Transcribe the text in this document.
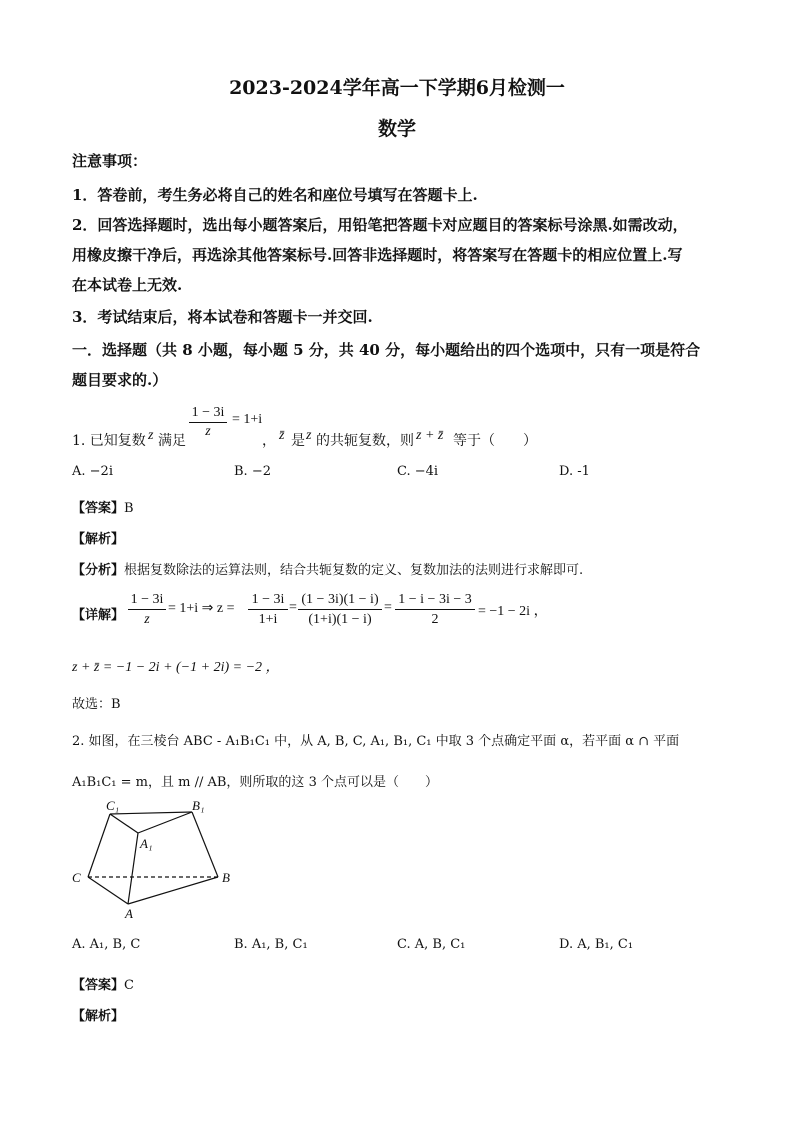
2023-2024学年高一下学期6月检测一
数学
注意事项：
1．答卷前，考生务必将自己的姓名和座位号填写在答题卡上.
2．回答选择题时，选出每小题答案后，用铅笔把答题卡对应题目的答案标号涂黑.如需改动，
用橡皮擦干净后，再选涂其他答案标号.回答非选择题时，将答案写在答题卡的相应位置上.写
在本试卷上无效.
3．考试结束后，将本试卷和答题卡一并交回.
一．选择题（共 8 小题，每小题 5 分，共 40 分，每小题给出的四个选项中，只有一项是符合
题目要求的.）
1. 已知复数 z 满足 $\frac{1 - 3i}{z} = 1+i$
， z̄ 是 z 的共轭复数，则 z + z̄ 等于（　　）
A. −2i	B. −2	C. −4i	D. -1
【答案】B
【解析】
【分析】根据复数除法的运算法则，结合共轭复数的定义、复数加法的法则进行求解即可.
【详解】 $\frac{1 - 3i}{z} = 1+i$ ⇒ $z = \frac{1 - 3i}{1+i} = \frac{(1 - 3i)(1 - i)}{(1+i)(1 - i)} = \frac{1 - i - 3i - 3}{2} = -1 - 2i$ ，
z + z̄ = −1 − 2i + (−1 + 2i) = −2 ，
故选：B
2. 如图，在三棱台 ABC - A₁B₁C₁ 中，从 A, B, C, A₁, B₁, C₁ 中取 3 个点确定平面 α，若平面 α ∩ 平面
A₁B₁C₁ = m，且 m // AB，则所取的这 3 个点可以是（　　）
C₁	B₁
A₁
C	B
A
A. A₁, B, C	B. A₁, B, C₁	C. A, B, C₁	D. A, B₁, C₁
【答案】C
【解析】
